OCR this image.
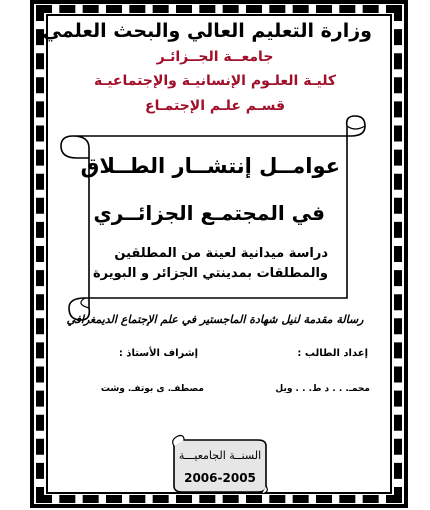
وزارة التعليم العالي والبحث العلمي
جامعــة الجــزائـر
كليـة العلـوم الإنسانيـة والإجتماعيـة
قسـم علـم الإجتمـاع
عوامــل إنتشــار الطــلاق
في المجتمـع الجزائــري
دراسة ميدانية لعينة من المطلقين
والمطلقات بمدينتي الجزائر و البويرة
رسالة مقدمة لنيل شهادة الماجستير في علم الإجتماع الديمغرافي
إعداد الطالب :
إشراف الأستاذ :
محمـ. . . د ط. . . ويل
مصطفـ. ى بوتفـ. وشت
السنــة الجامعيـــة
2006-2005
